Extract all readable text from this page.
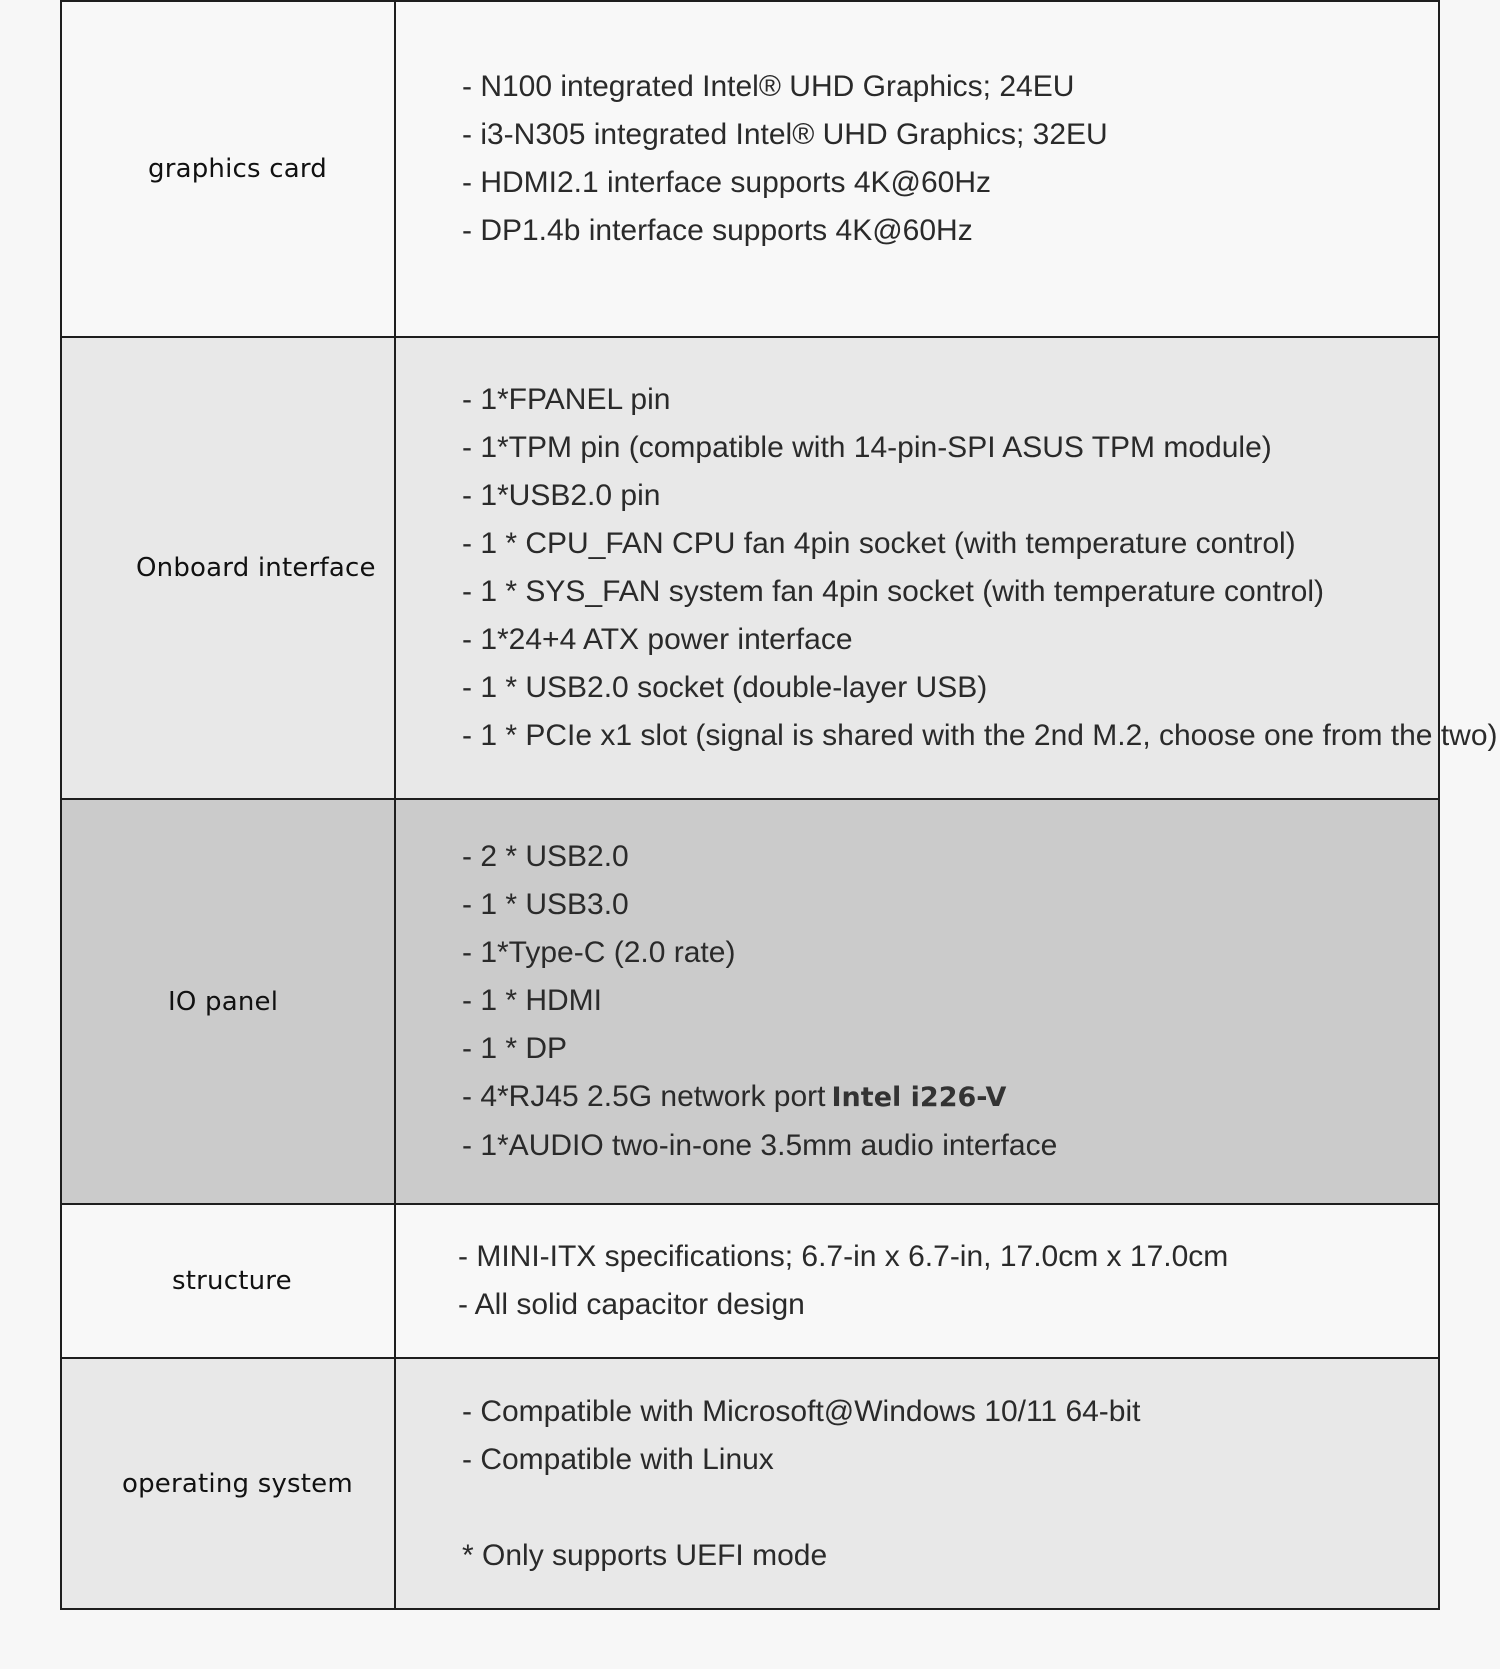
graphics card
- N100 integrated Intel® UHD Graphics; 24EU
- i3-N305 integrated Intel® UHD Graphics; 32EU
- HDMI2.1 interface supports 4K@60Hz
- DP1.4b interface supports 4K@60Hz
Onboard interface
- 1*FPANEL pin
- 1*TPM pin (compatible with 14-pin-SPI ASUS TPM module)
- 1*USB2.0 pin
- 1 * CPU_FAN CPU fan 4pin socket (with temperature control)
- 1 * SYS_FAN system fan 4pin socket (with temperature control)
- 1*24+4 ATX power interface
- 1 * USB2.0 socket (double-layer USB)
- 1 * PCIe x1 slot (signal is shared with the 2nd M.2, choose one from the two)
IO panel
- 2 * USB2.0
- 1 * USB3.0
- 1*Type-C (2.0 rate)
- 1 * HDMI
- 1 * DP
- 4*RJ45 2.5G network port Intel i226-V
- 1*AUDIO two-in-one 3.5mm audio interface
structure
- MINI-ITX specifications; 6.7-in x 6.7-in, 17.0cm x 17.0cm
- All solid capacitor design
operating system
- Compatible with Microsoft@Windows 10/11 64-bit
- Compatible with Linux
* Only supports UEFI mode
